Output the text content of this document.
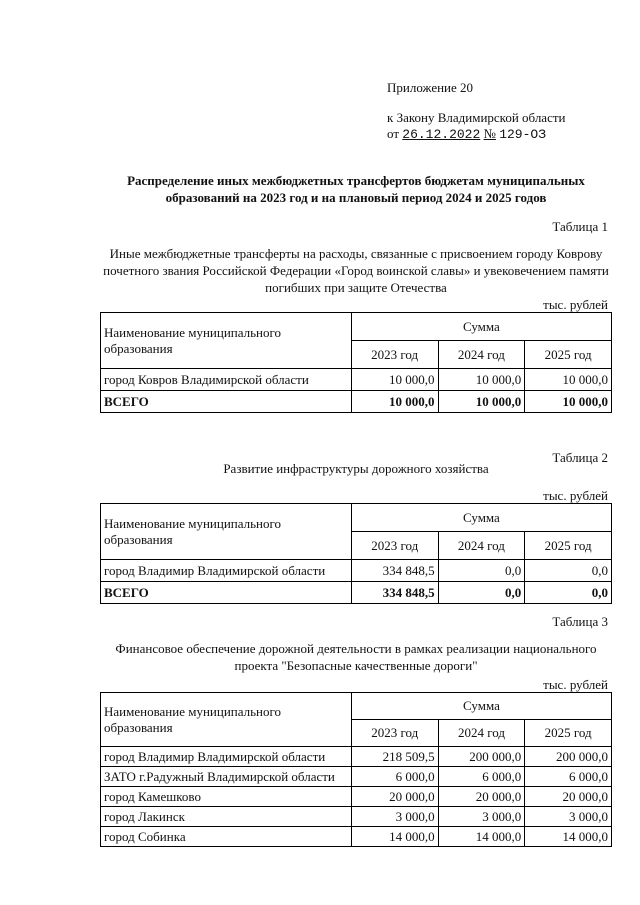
Приложение 20
к Закону Владимирской области
от 26.12.2022 № 129-ОЗ
Распределение иных межбюджетных трансфертов бюджетам муниципальных образований на 2023 год и на плановый период 2024 и 2025 годов
Таблица 1
Иные межбюджетные трансферты на расходы, связанные с присвоением городу Коврову почетного звания Российской Федерации «Город воинской славы» и увековечением памяти погибших при защите Отечества
тыс. рублей
Наименование муниципального образования	Сумма		
	2023 год	2024 год	2025 год
город Ковров Владимирской области	10 000,0	10 000,0	10 000,0
ВСЕГО	10 000,0	10 000,0	10 000,0
Таблица 2
Развитие инфраструктуры дорожного хозяйства
тыс. рублей
Наименование муниципального образования	Сумма		
	2023 год	2024 год	2025 год
город Владимир Владимирской области	334 848,5	0,0	0,0
ВСЕГО	334 848,5	0,0	0,0
Таблица 3
Финансовое обеспечение дорожной деятельности в рамках реализации национального проекта "Безопасные качественные дороги"
тыс. рублей
Наименование муниципального образования	Сумма		
	2023 год	2024 год	2025 год
город Владимир Владимирской области	218 509,5	200 000,0	200 000,0
ЗАТО г.Радужный Владимирской области	6 000,0	6 000,0	6 000,0
город Камешково	20 000,0	20 000,0	20 000,0
город Лакинск	3 000,0	3 000,0	3 000,0
город Собинка	14 000,0	14 000,0	14 000,0
